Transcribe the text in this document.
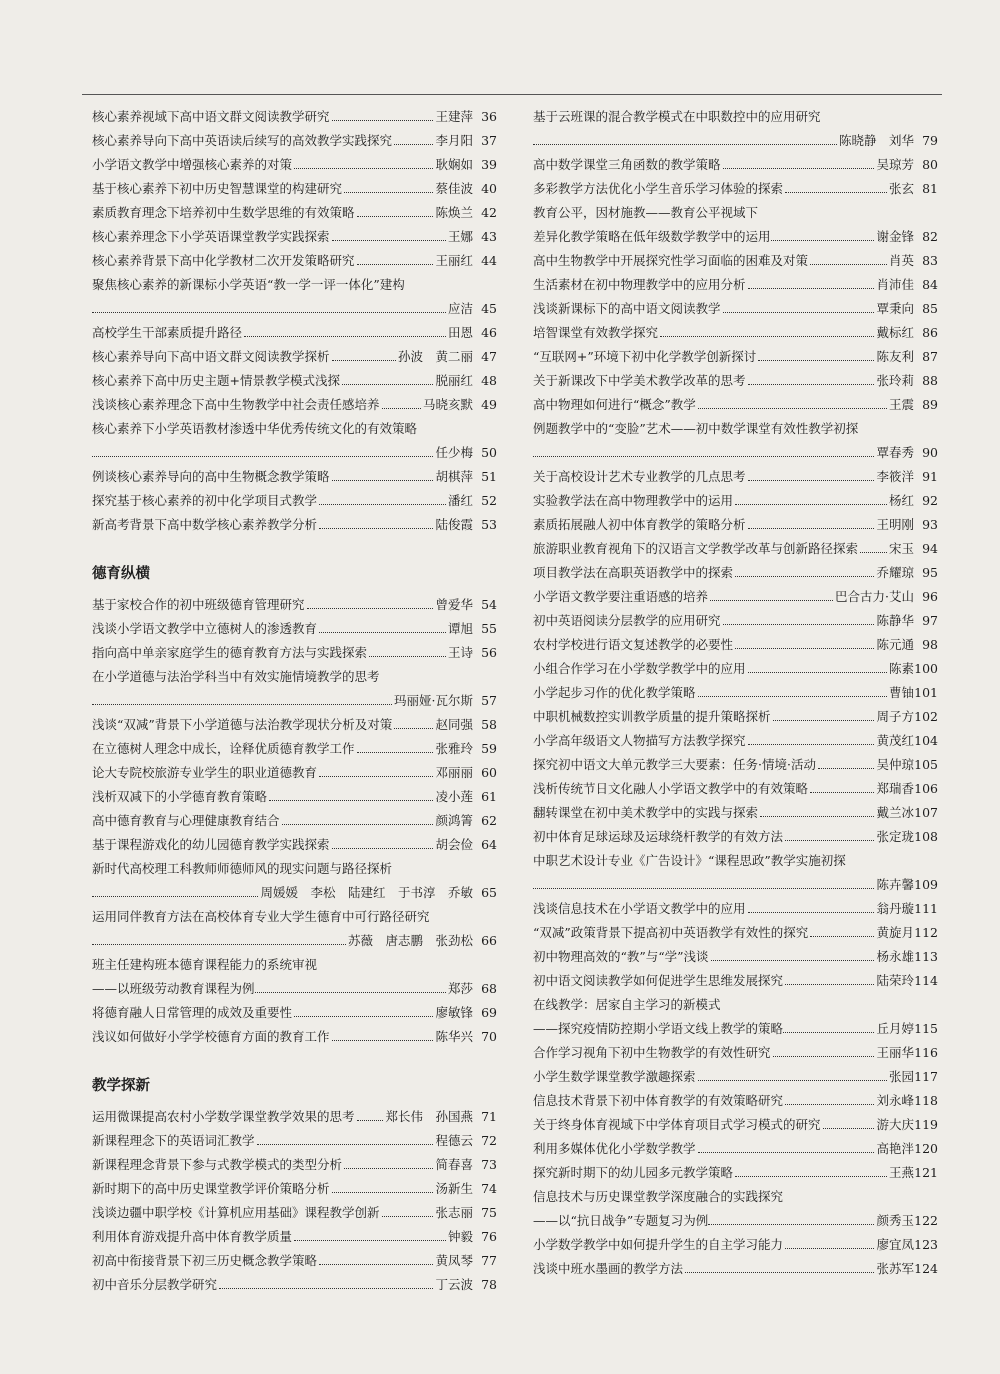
核心素养视域下高中语文群文阅读教学研究	王建萍 36
核心素养导向下高中英语读后续写的高效教学实践探究	李月阳 37
小学语文教学中增强核心素养的对策	耿娴如 39
基于核心素养下初中历史智慧课堂的构建研究	蔡佳波 40
素质教育理念下培养初中生数学思维的有效策略	陈焕兰 42
核心素养理念下小学英语课堂教学实践探索	王娜 43
核心素养背景下高中化学教材二次开发策略研究	王丽红 44
聚焦核心素养的新课标小学英语“教一学一评一体化”建构
应洁 45
高校学生干部素质提升路径	田恩 46
核心素养导向下高中语文群文阅读教学探析	孙波　黄二丽 47
核心素养下高中历史主题+情景教学模式浅探	脱丽红 48
浅谈核心素养理念下高中生物教学中社会责任感培养	马晓亥默 49
核心素养下小学英语教材渗透中华优秀传统文化的有效策略
任少梅 50
例谈核心素养导向的高中生物概念教学策略	胡棋萍 51
探究基于核心素养的初中化学项目式教学	潘红 52
新高考背景下高中数学核心素养教学分析	陆俊霞 53
德育纵横
基于家校合作的初中班级德育管理研究	曾爱华 54
浅谈小学语文教学中立德树人的渗透教育	谭旭 55
指向高中单亲家庭学生的德育教育方法与实践探索	王诗 56
在小学道德与法治学科当中有效实施情境教学的思考
玛丽娅·瓦尔斯 57
浅谈“双减”背景下小学道德与法治教学现状分析及对策	赵同强 58
在立德树人理念中成长，诠释优质德育教学工作	张雅玲 59
论大专院校旅游专业学生的职业道德教育	邓丽丽 60
浅析双减下的小学德育教育策略	凌小莲 61
高中德育教育与心理健康教育结合	颜鸿箐 62
基于课程游戏化的幼儿园德育教学实践探索	胡会俭 64
新时代高校理工科教师师德师风的现实问题与路径探析
周媛媛　李松　陆建红　于书淳　乔敏 65
运用同伴教育方法在高校体育专业大学生德育中可行路径研究
苏薇　唐志鹏　张劲松 66
班主任建构班本德育课程能力的系统审视
——以班级劳动教育课程为例	郑莎 68
将德育融人日常管理的成效及重要性	廖敏锋 69
浅议如何做好小学学校德育方面的教育工作	陈华兴 70
教学探新
运用微课提高农村小学数学课堂教学效果的思考 郑长伟　孙国燕 71
新课程理念下的英语词汇教学	程德云 72
新课程理念背景下参与式教学模式的类型分析	简春喜 73
新时期下的高中历史课堂教学评价策略分析	汤新生 74
浅谈边疆中职学校《计算机应用基础》课程教学创新	张志丽 75
利用体育游戏提升高中体育教学质量	钟毅 76
初高中衔接背景下初三历史概念教学策略	黄凤琴 77
初中音乐分层教学研究	丁云波 78
基于云班课的混合教学模式在中职数控中的应用研究
陈晓静　刘华 79
高中数学课堂三角函数的教学策略	吴琼芳 80
多彩教学方法优化小学生音乐学习体验的探索	张玄 81
教育公平，因材施教——教育公平视域下
差异化教学策略在低年级数学教学中的运用	谢金锋 82
高中生物教学中开展探究性学习面临的困难及对策	肖英 83
生活素材在初中物理教学中的应用分析	肖沛佳 84
浅谈新课标下的高中语文阅读教学	覃秉向 85
培智课堂有效教学探究	戴标红 86
“互联网+”环境下初中化学教学创新探讨	陈友利 87
关于新课改下中学美术教学改革的思考	张玲莉 88
高中物理如何进行“概念”教学	王震 89
例题教学中的“变脸”艺术——初中数学课堂有效性教学初探
覃春秀 90
关于高校设计艺术专业教学的几点思考	李筱洋 91
实验教学法在高中物理教学中的运用	杨红 92
素质拓展融人初中体育教学的策略分析	王明刚 93
旅游职业教育视角下的汉语言文学教学改革与创新路径探索 宋玉 94
项目教学法在高职英语教学中的探索	乔耀琼 95
小学语文教学要注重语感的培养	巴合古力·艾山 96
初中英语阅读分层教学的应用研究	陈静华 97
农村学校进行语文复述教学的必要性	陈元通 98
小组合作学习在小学数学教学中的应用	陈素 100
小学起步习作的优化教学策略	曹铀 101
中职机械数控实训教学质量的提升策略探析	周子方 102
小学高年级语文人物描写方法教学探究	黄茂红 104
探究初中语文大单元教学三大要素：任务·情境·活动	吴仲琼 105
浅析传统节日文化融人小学语文教学中的有效策略	郑瑞香 106
翻转课堂在初中美术教学中的实践与探索	戴兰冰 107
初中体育足球运球及运球绕杆教学的有效方法	张定珑 108
中职艺术设计专业《广告设计》“课程思政”教学实施初探
陈卉馨 109
浅谈信息技术在小学语文教学中的应用	翁丹璇 111
“双减”政策背景下提高初中英语教学有效性的探究	黄旋月 112
初中物理高效的“教”与“学”浅谈	杨永雄 113
初中语文阅读教学如何促进学生思维发展探究	陆荣玲 114
在线教学：居家自主学习的新模式
——探究疫情防控期小学语文线上教学的策略	丘月婷 115
合作学习视角下初中生物教学的有效性研究	王丽华 116
小学生数学课堂教学激趣探索	张园 117
信息技术背景下初中体育教学的有效策略研究	刘永峰 118
关于终身体育视域下中学体育项目式学习模式的研究	游大庆 119
利用多媒体优化小学数学教学	高艳泮 120
探究新时期下的幼儿园多元教学策略	王燕 121
信息技术与历史课堂教学深度融合的实践探究
——以“抗日战争”专题复习为例	颜秀玉 122
小学数学教学中如何提升学生的自主学习能力	廖宜凤 123
浅谈中班水墨画的教学方法	张苏军 124
